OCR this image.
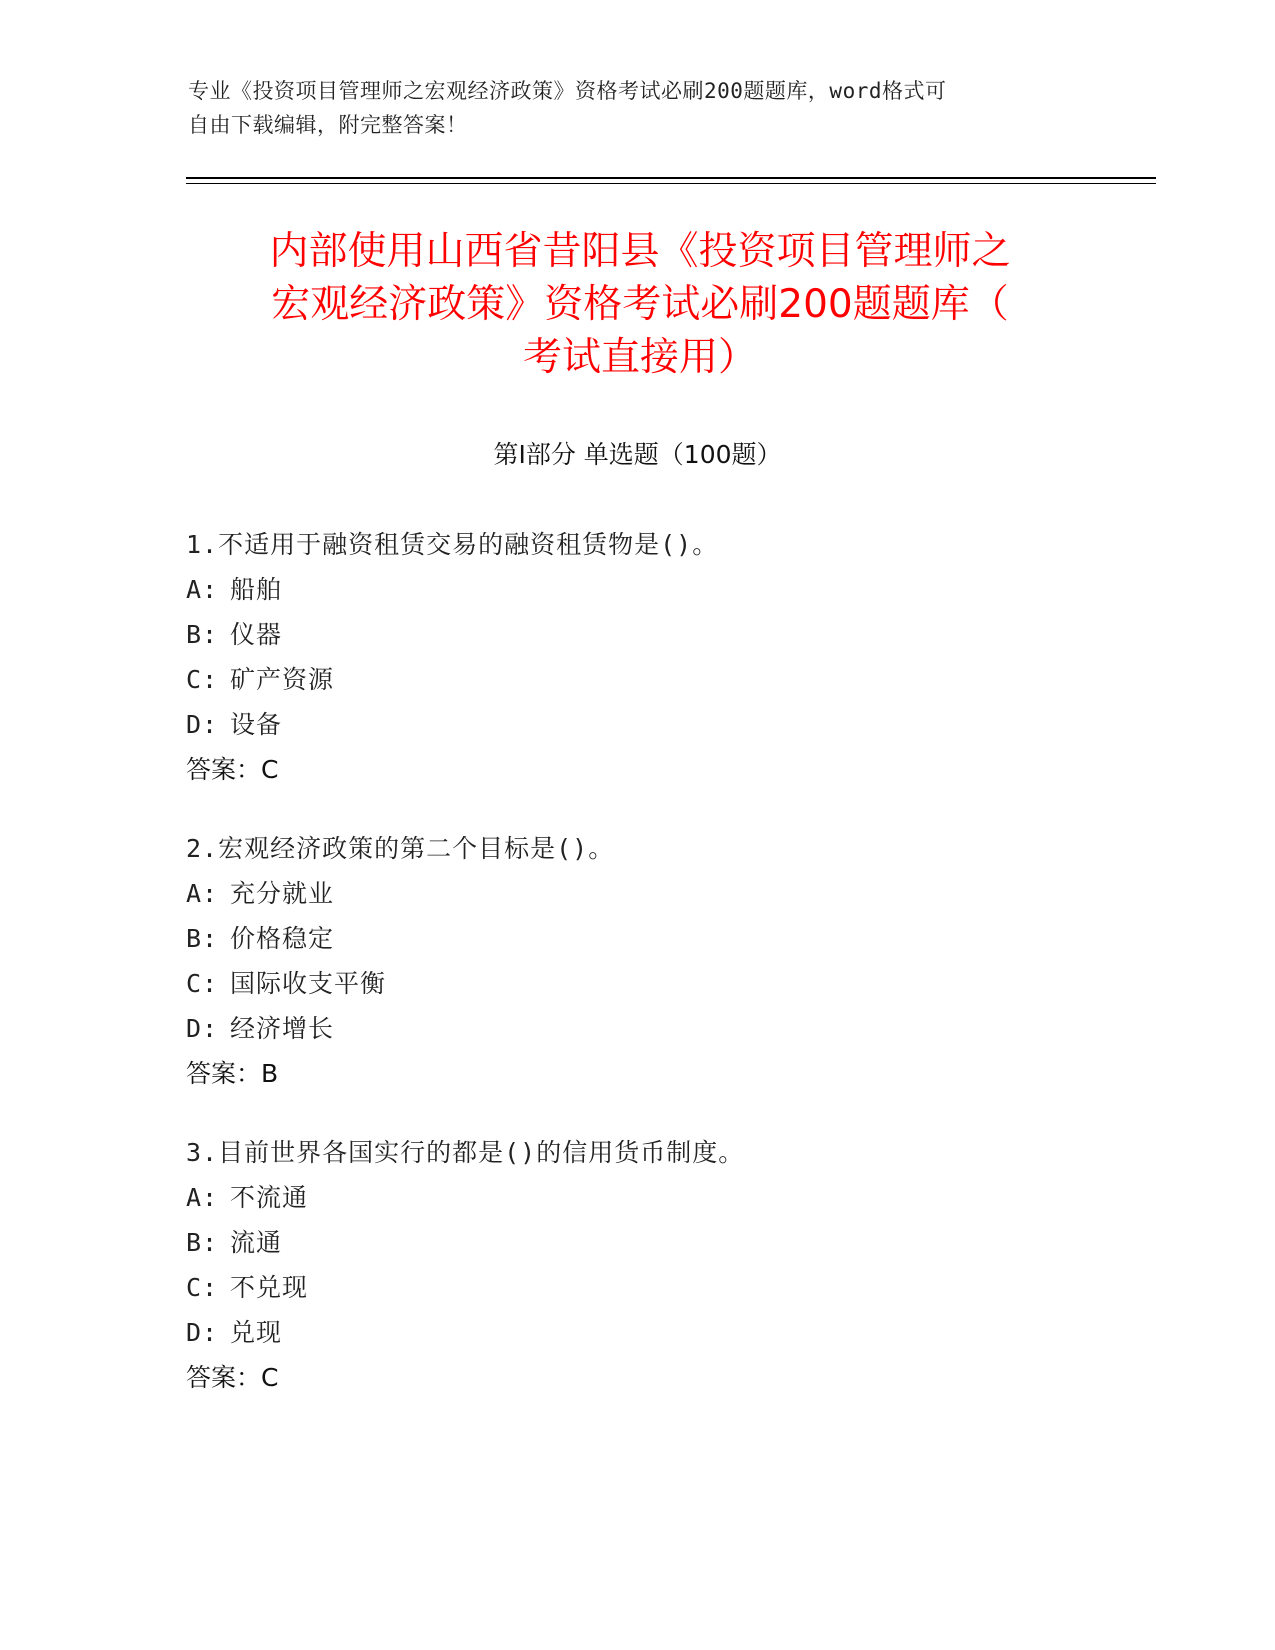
专业《投资项目管理师之宏观经济政策》资格考试必刷200题题库，word格式可
自由下载编辑，附完整答案！
内部使用山西省昔阳县《投资项目管理师之
宏观经济政策》资格考试必刷200题题库（
考试直接用）
第I部分 单选题（100题）
1.不适用于融资租赁交易的融资租赁物是()。
A: 船舶
B: 仪器
C: 矿产资源
D: 设备
答案：C
2.宏观经济政策的第二个目标是()。
A: 充分就业
B: 价格稳定
C: 国际收支平衡
D: 经济增长
答案：B
3.目前世界各国实行的都是()的信用货币制度。
A: 不流通
B: 流通
C: 不兑现
D: 兑现
答案：C
